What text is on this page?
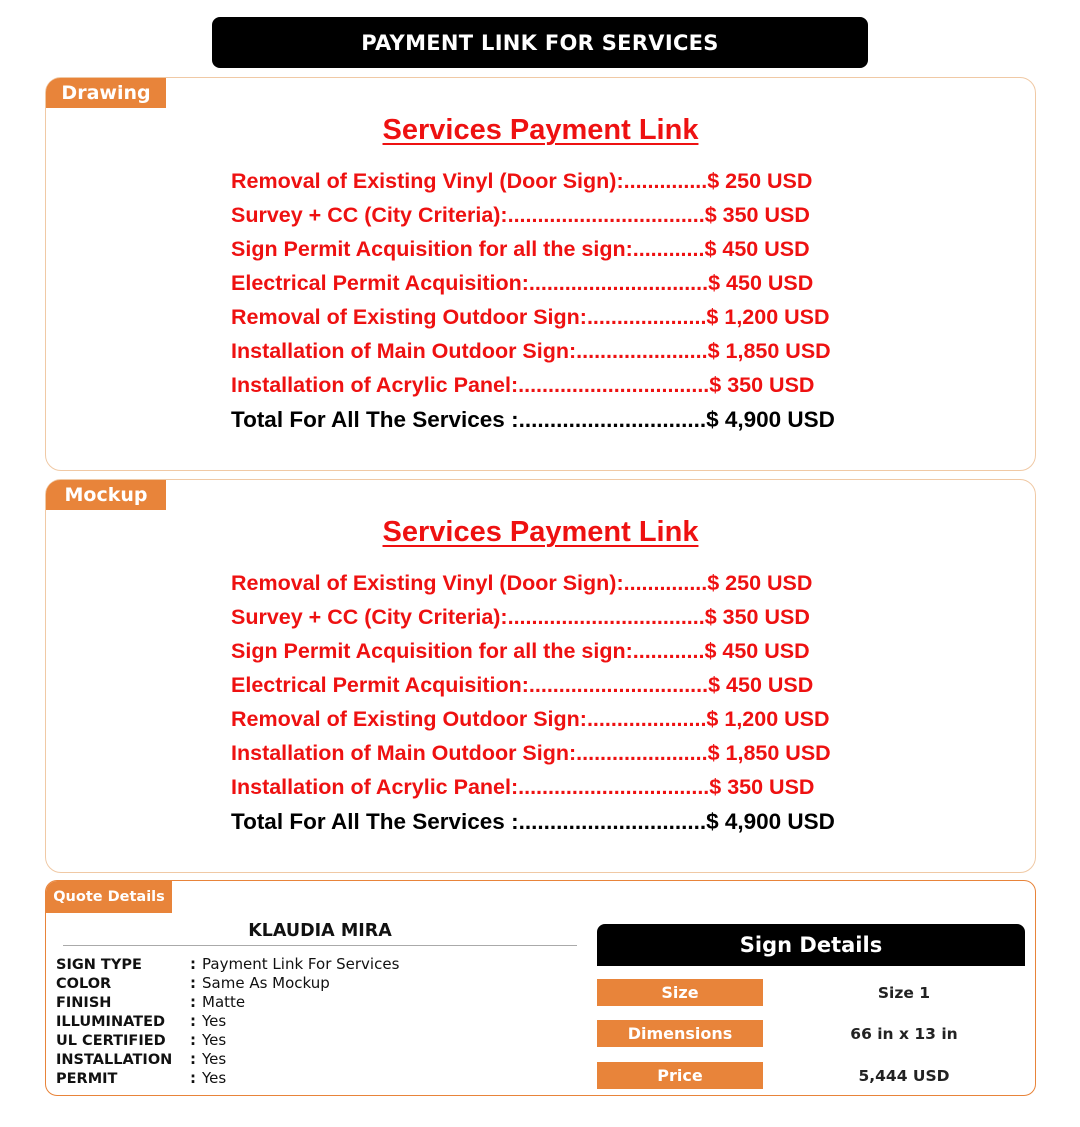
PAYMENT LINK FOR SERVICES
Drawing
Services Payment Link
Removal of Existing Vinyl (Door Sign):..............$ 250 USD
Survey + CC (City Criteria):.................................$ 350 USD
Sign Permit Acquisition for all the sign:............$ 450 USD
Electrical Permit Acquisition:..............................$ 450 USD
Removal of Existing Outdoor Sign:....................$ 1,200 USD
Installation of Main Outdoor Sign:......................$ 1,850 USD
Installation of Acrylic Panel:................................$ 350 USD
Total For All The Services :..............................$ 4,900 USD
Mockup
Services Payment Link
Removal of Existing Vinyl (Door Sign):..............$ 250 USD
Survey + CC (City Criteria):.................................$ 350 USD
Sign Permit Acquisition for all the sign:............$ 450 USD
Electrical Permit Acquisition:..............................$ 450 USD
Removal of Existing Outdoor Sign:....................$ 1,200 USD
Installation of Main Outdoor Sign:......................$ 1,850 USD
Installation of Acrylic Panel:................................$ 350 USD
Total For All The Services :..............................$ 4,900 USD
Quote Details
KLAUDIA MIRA
SIGN TYPE	: Payment Link For Services
COLOR	: Same As Mockup
FINISH	: Matte
ILLUMINATED : Yes
UL CERTIFIED : Yes
INSTALLATION : Yes
PERMIT	: Yes
Sign Details
Size	Size 1
Dimensions	66 in x 13 in
Price	5,444 USD
